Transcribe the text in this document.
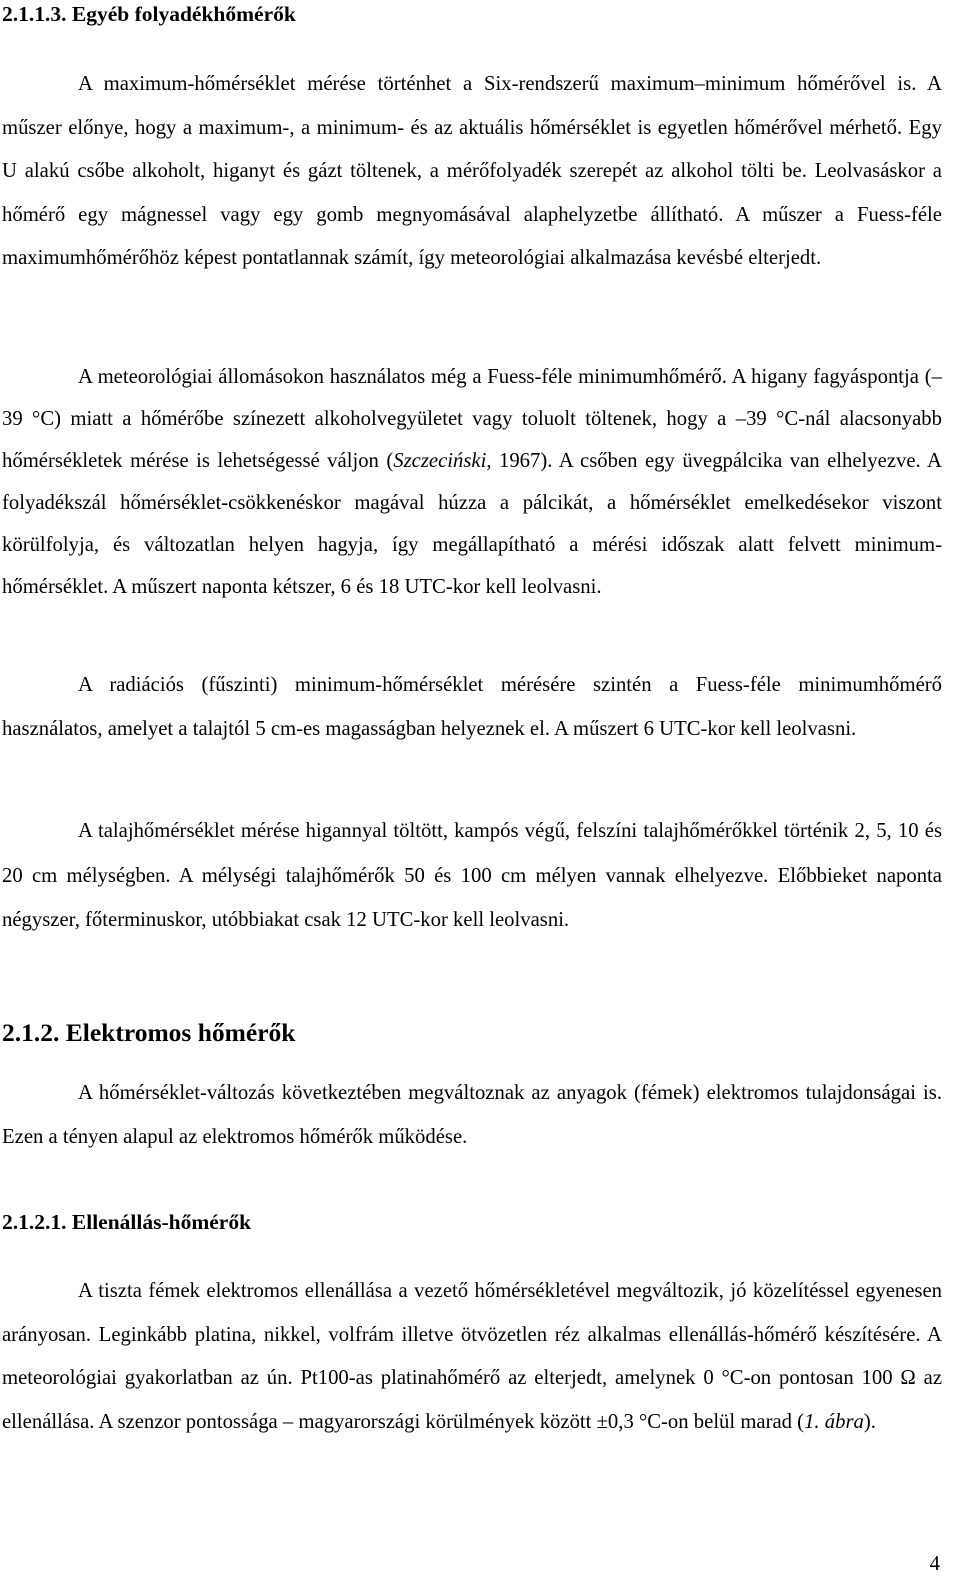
2.1.1.3. Egyéb folyadékhőmérők

A maximum-hőmérséklet mérése történhet a Six-rendszerű maximum–minimum hőmérővel is. A műszer előnye, hogy a maximum-, a minimum- és az aktuális hőmérséklet is egyetlen hőmérővel mérhető. Egy U alakú csőbe alkoholt, higanyt és gázt töltenek, a mérőfolyadék szerepét az alkohol tölti be. Leolvasáskor a hőmérő egy mágnessel vagy egy gomb megnyomásával alaphelyzetbe állítható. A műszer a Fuess-féle maximumhőmérőhöz képest pontatlannak számít, így meteorológiai alkalmazása kevésbé elterjedt.

A meteorológiai állomásokon használatos még a Fuess-féle minimumhőmérő. A higany fagyáspontja (–39 °C) miatt a hőmérőbe színezett alkoholvegyületet vagy toluolt töltenek, hogy a –39 °C-nál alacsonyabb hőmérsékletek mérése is lehetségessé váljon (Szczeciński, 1967). A csőben egy üvegpálcika van elhelyezve. A folyadékszál hőmérséklet-csökkenéskor magával húzza a pálcikát, a hőmérséklet emelkedésekor viszont körülfolyja, és változatlan helyen hagyja, így megállapítható a mérési időszak alatt felvett minimum-hőmérséklet. A műszert naponta kétszer, 6 és 18 UTC-kor kell leolvasni.

A radiációs (fűszinti) minimum-hőmérséklet mérésére szintén a Fuess-féle minimumhőmérő használatos, amelyet a talajtól 5 cm-es magasságban helyeznek el. A műszert 6 UTC-kor kell leolvasni.

A talajhőmérséklet mérése higannyal töltött, kampós végű, felszíni talajhőmérőkkel történik 2, 5, 10 és 20 cm mélységben. A mélységi talajhőmérők 50 és 100 cm mélyen vannak elhelyezve. Előbbieket naponta négyszer, főterminuskor, utóbbiakat csak 12 UTC-kor kell leolvasni.

2.1.2. Elektromos hőmérők

A hőmérséklet-változás következtében megváltoznak az anyagok (fémek) elektromos tulajdonságai is. Ezen a tényen alapul az elektromos hőmérők működése.

2.1.2.1. Ellenállás-hőmérők

A tiszta fémek elektromos ellenállása a vezető hőmérsékletével megváltozik, jó közelítéssel egyenesen arányosan. Leginkább platina, nikkel, volfrám illetve ötvözetlen réz alkalmas ellenállás-hőmérő készítésére. A meteorológiai gyakorlatban az ún. Pt100-as platinahőmérő az elterjedt, amelynek 0 °C-on pontosan 100 Ω az ellenállása. A szenzor pontossága – magyarországi körülmények között ±0,3 °C-on belül marad (1. ábra).

4
